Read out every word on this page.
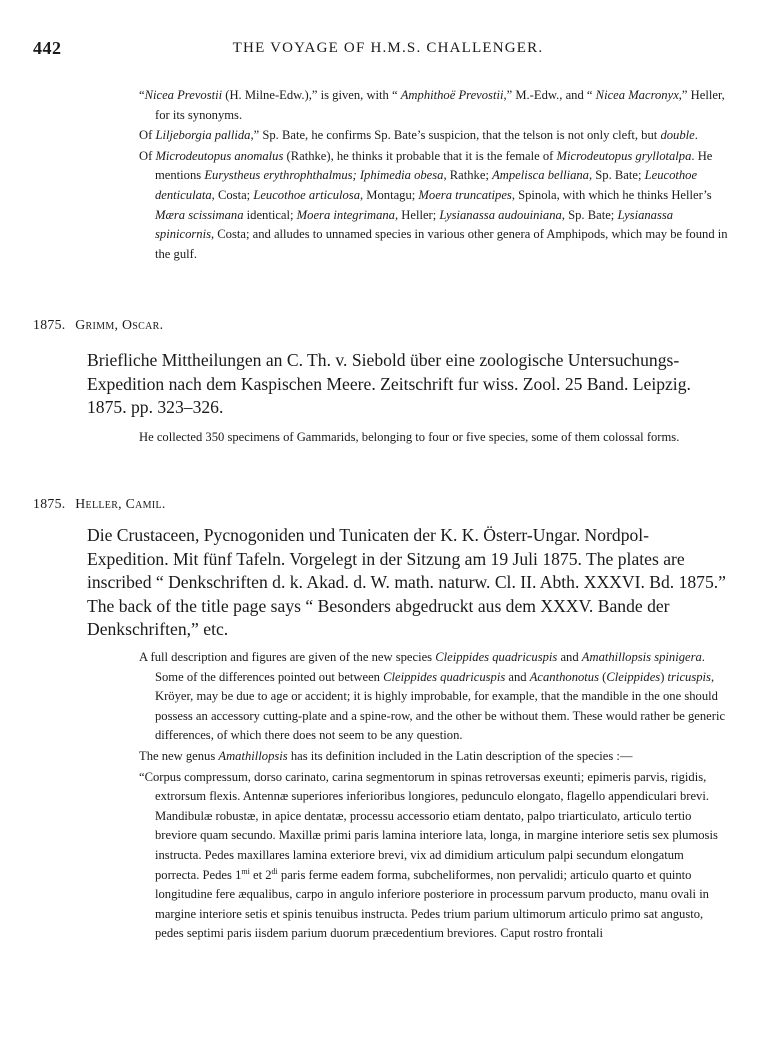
442	THE VOYAGE OF H.M.S. CHALLENGER.

“Nicea Prevostii (H. Milne-Edw.),” is given, with “ Amphithoë Prevostii,” M.-Edw., and “ Nicea Macronyx,” Heller, for its synonyms.

Of Liljeborgia pallida,” Sp. Bate, he confirms Sp. Bate’s suspicion, that the telson is not only cleft, but double.

Of Microdeutopus anomalus (Rathke), he thinks it probable that it is the female of Microdeutopus gryllotalpa. He mentions Eurystheus erythrophthalmus; Iphimedia obesa, Rathke; Ampelisca belliana, Sp. Bate; Leucothoe denticulata, Costa; Leucothoe articulosa, Montagu; Moera truncatipes, Spinola, with which he thinks Heller’s Mæra scissimana identical; Moera integrimana, Heller; Lysianassa audouiniana, Sp. Bate; Lysianassa spinicornis, Costa; and alludes to unnamed species in various other genera of Amphipods, which may be found in the gulf.

1875. Grimm, Oscar.

Briefliche Mittheilungen an C. Th. v. Siebold über eine zoologische Untersuchungs-Expedition nach dem Kaspischen Meere. Zeitschrift fur wiss. Zool. 25 Band. Leipzig. 1875. pp. 323–326.

He collected 350 specimens of Gammarids, belonging to four or five species, some of them colossal forms.

1875. Heller, Camil.

Die Crustaceen, Pycnogoniden und Tunicaten der K. K. Österr-Ungar. Nordpol-Expedition. Mit fünf Tafeln. Vorgelegt in der Sitzung am 19 Juli 1875. The plates are inscribed “ Denkschriften d. k. Akad. d. W. math. naturw. Cl. II. Abth. XXXVI. Bd. 1875.” The back of the title page says “ Besonders abgedruckt aus dem XXXV. Bande der Denkschriften,” etc.

A full description and figures are given of the new species Cleippides quadricuspis and Amathillopsis spinigera. Some of the differences pointed out between Cleippides quadricuspis and Acanthonotus (Cleippides) tricuspis, Kröyer, may be due to age or accident; it is highly improbable, for example, that the mandible in the one should possess an accessory cutting-plate and a spine-row, and the other be without them. These would rather be generic differences, of which there does not seem to be any question.

The new genus Amathillopsis has its definition included in the Latin description of the species :—

“Corpus compressum, dorso carinato, carina segmentorum in spinas retroversas exeunti; epimeris parvis, rigidis, extrorsum flexis. Antennæ superiores inferioribus longiores, pedunculo elongato, flagello appendiculari brevi. Mandibulæ robustæ, in apice dentatæ, processu accessorio etiam dentato, palpo triarticulato, articulo tertio breviore quam secundo. Maxillæ primi paris lamina interiore lata, longa, in margine interiore setis sex plumosis instructa. Pedes maxillares lamina exteriore brevi, vix ad dimidium articulum palpi secundum elongatum porrecta. Pedes $1^{mi}$ et $2^{di}$ paris ferme eadem forma, subcheliformes, non pervalidi; articulo quarto et quinto longitudine fere æqualibus, carpo in angulo inferiore posteriore in processum parvum producto, manu ovali in margine interiore setis et spinis tenuibus instructa. Pedes trium parium ultimorum articulo primo sat angusto, pedes septimi paris iisdem parium duorum præcedentium breviores. Caput rostro frontali
